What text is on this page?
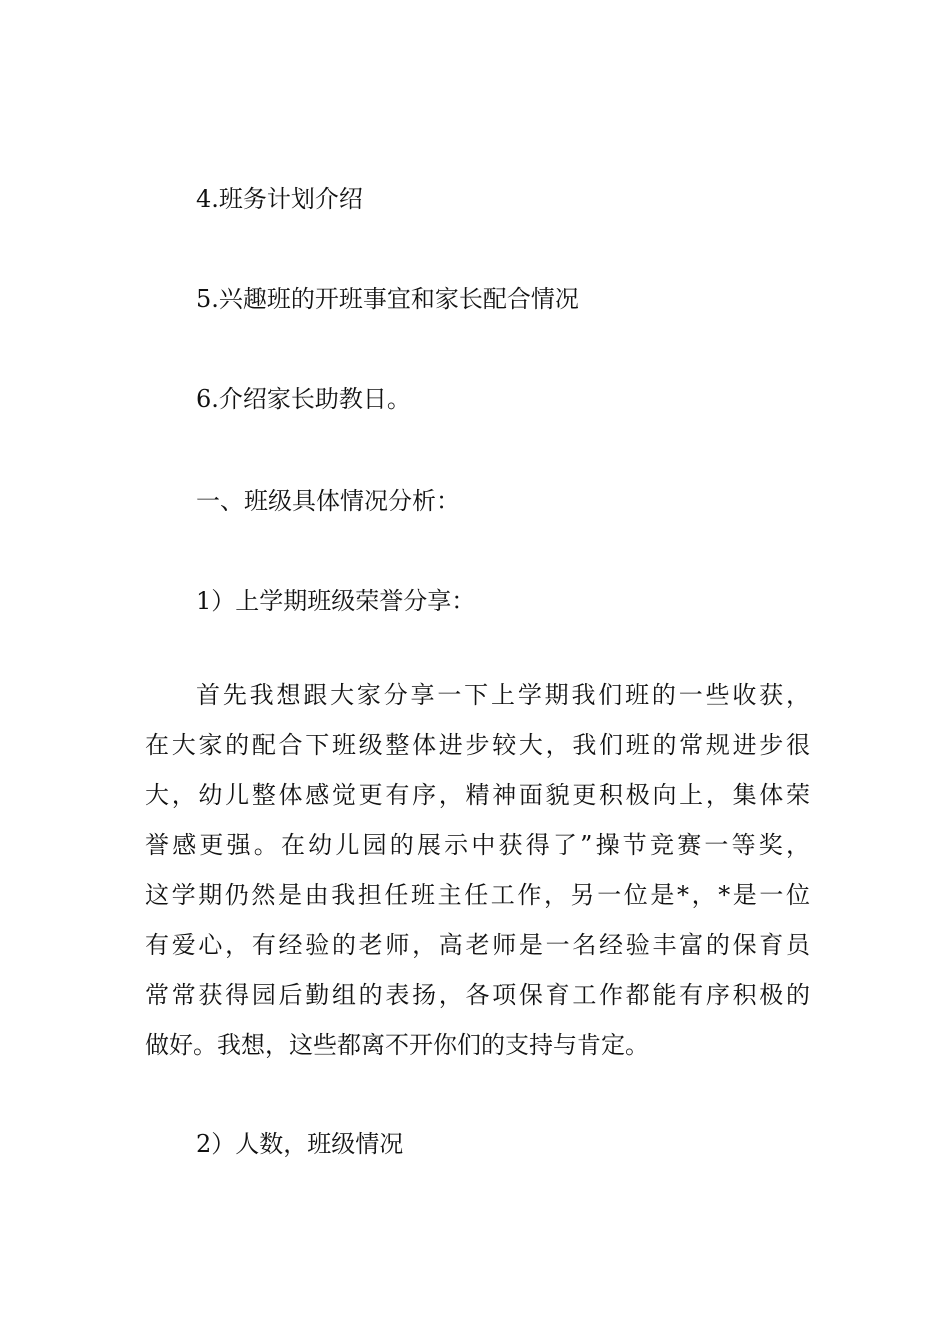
4.班务计划介绍

5.兴趣班的开班事宜和家长配合情况

6.介绍家长助教日。

一、班级具体情况分析：

1）上学期班级荣誉分享：

首先我想跟大家分享一下上学期我们班的一些收获，
在大家的配合下班级整体进步较大，我们班的常规进步很
大，幼儿整体感觉更有序，精神面貌更积极向上，集体荣
誉感更强。在幼儿园的展示中获得了”操节竞赛一等奖，
这学期仍然是由我担任班主任工作，另一位是*，*是一位
有爱心，有经验的老师，高老师是一名经验丰富的保育员
常常获得园后勤组的表扬，各项保育工作都能有序积极的
做好。我想，这些都离不开你们的支持与肯定。

2）人数，班级情况
